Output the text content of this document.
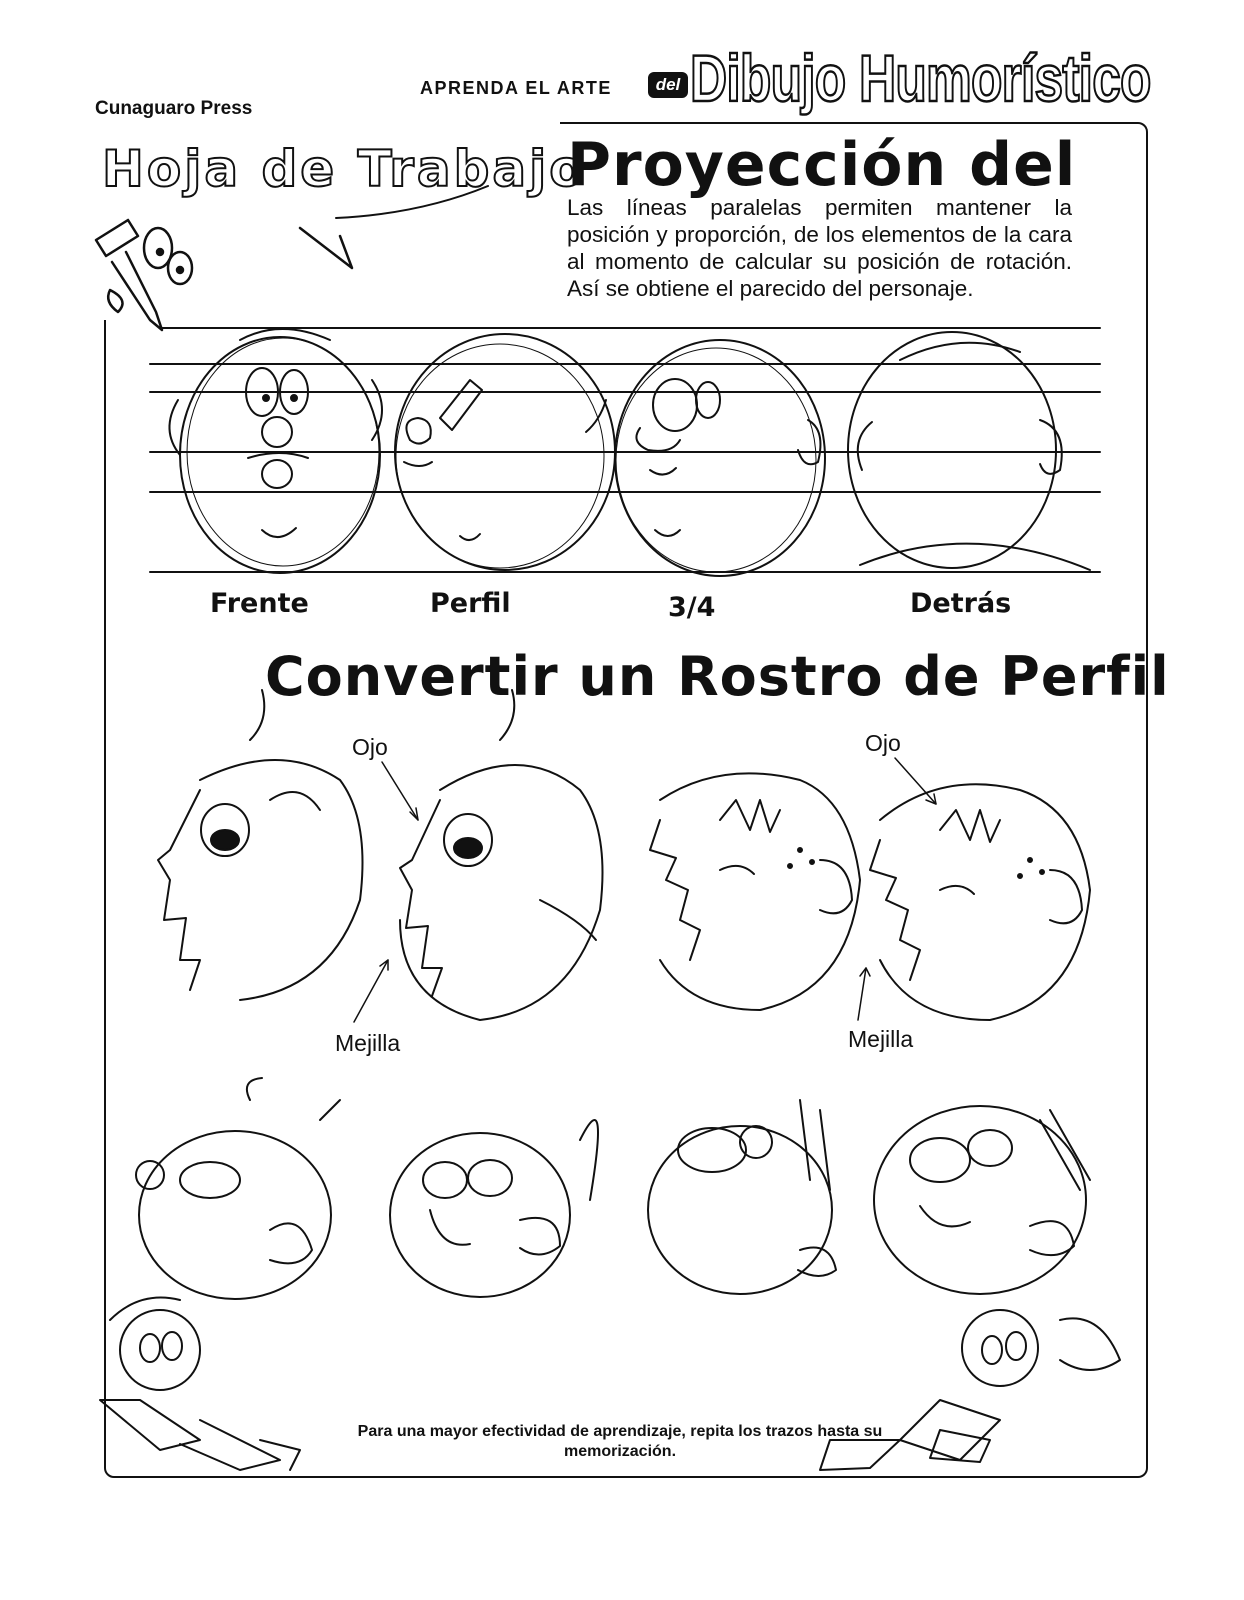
Cunaguaro Press
APRENDA EL ARTE	del Dibujo Humorístico
Hoja de Trabajo
Proyección del
Las líneas paralelas permiten mantener la posición y proporción, de los elementos de la cara al momento de calcular su posición de rotación. Así se obtiene el parecido del personaje.
Frente	Perfil	3/4	Detrás
Convertir un Rostro de Perfil
Ojo	Ojo
Mejilla	Mejilla
Para una mayor efectividad de aprendizaje, repita los trazos hasta su memorización.
